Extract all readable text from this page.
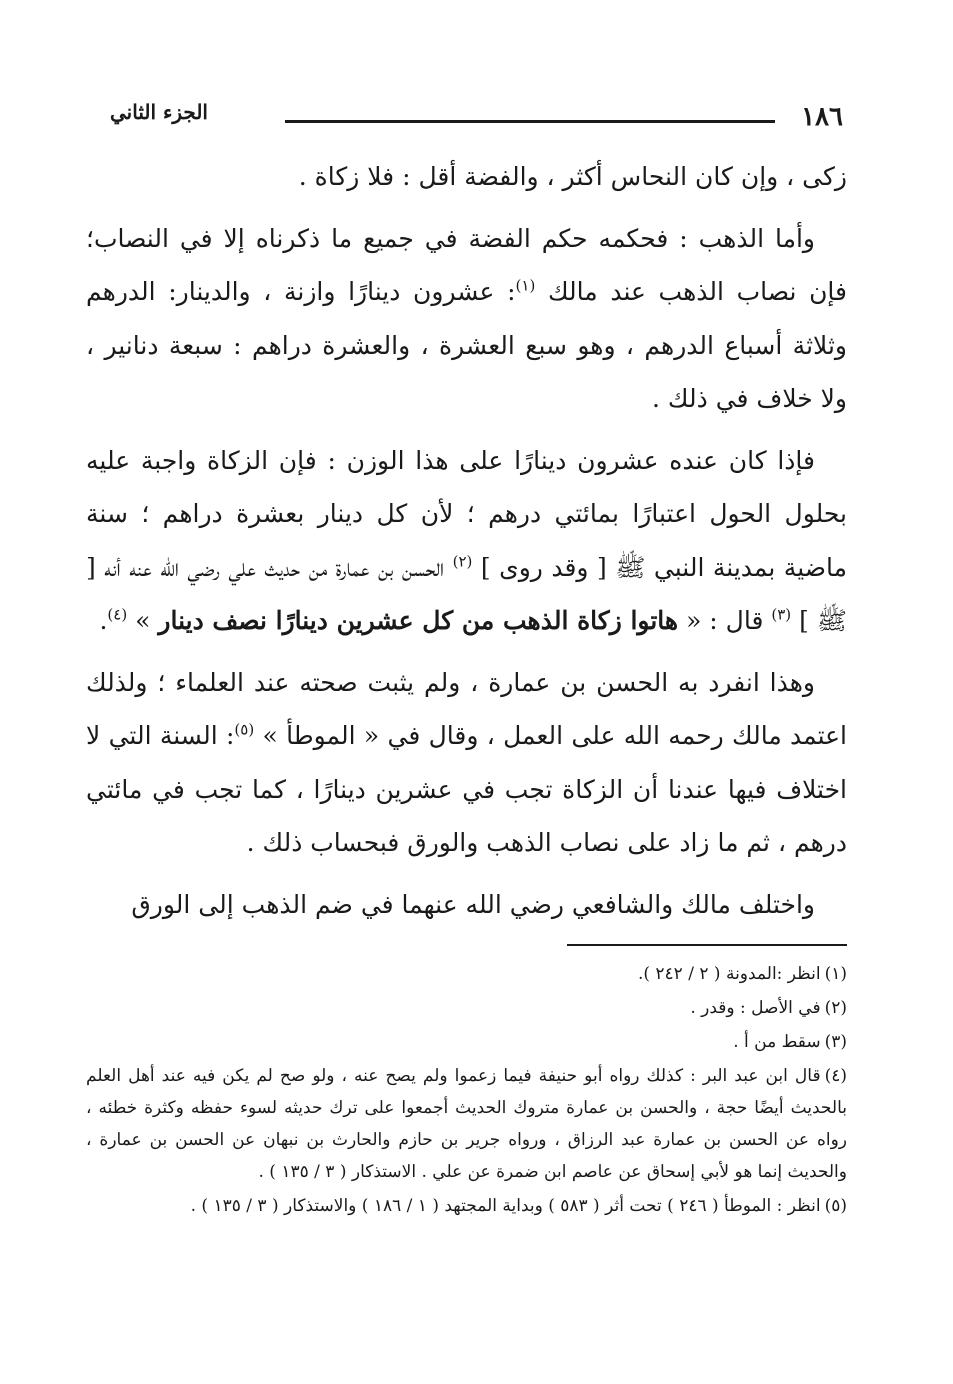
١٨٦
الجزء الثاني

زكى ، وإن كان النحاس أكثر ، والفضة أقل : فلا زكاة .

وأما الذهب : فحكمه حكم الفضة في جميع ما ذكرناه إلا في النصاب؛ فإن نصاب الذهب عند مالك $^{(١)}$: عشرون دينارًا وازنة ، والدينار: الدرهم وثلاثة أسباع الدرهم ، وهو سبع العشرة ، والعشرة دراهم : سبعة دنانير ، ولا خلاف في ذلك .

فإذا كان عنده عشرون دينارًا على هذا الوزن : فإن الزكاة واجبة عليه بحلول الحول اعتبارًا بمائتي درهم ؛ لأن كل دينار بعشرة دراهم ؛ سنة ماضية بمدينة النبي ﷺ [ وقد روى ] $^{(٢)}$ الحسن بن عمارة من حديث علي رضي الله عنه أنه [ ﷺ ] $^{(٣)}$ قال : « هاتوا زكاة الذهب من كل عشرين دينارًا نصف دينار » $^{(٤)}$.

وهذا انفرد به الحسن بن عمارة ، ولم يثبت صحته عند العلماء ؛ ولذلك اعتمد مالك رحمه الله على العمل ، وقال في « الموطأ » $^{(٥)}$: السنة التي لا اختلاف فيها عندنا أن الزكاة تجب في عشرين دينارًا ، كما تجب في مائتي درهم ، ثم ما زاد على نصاب الذهب والورق فبحساب ذلك .

واختلف مالك والشافعي رضي الله عنهما في ضم الذهب إلى الورق

(١)انظر :المدونة ( ٢ / ٢٤٢ ).
(٢)في الأصل : وقدر .
(٣)سقط من أ .
(٤)قال ابن عبد البر : كذلك رواه أبو حنيفة فيما زعموا ولم يصح عنه ، ولو صح لم يكن فيه عند أهل العلم بالحديث أيضًا حجة ، والحسن بن عمارة متروك الحديث أجمعوا على ترك حديثه لسوء حفظه وكثرة خطئه ، رواه عن الحسن بن عمارة عبد الرزاق ، ورواه جرير بن حازم والحارث بن نبهان عن الحسن بن عمارة ، والحديث إنما هو لأبي إسحاق عن عاصم ابن ضمرة عن علي . الاستذكار ( ٣ / ١٣٥ ) .
(٥)انظر : الموطأ ( ٢٤٦ ) تحت أثر ( ٥٨٣ ) وبداية المجتهد ( ١ / ١٨٦ ) والاستذكار ( ٣ / ١٣٥ ) .
